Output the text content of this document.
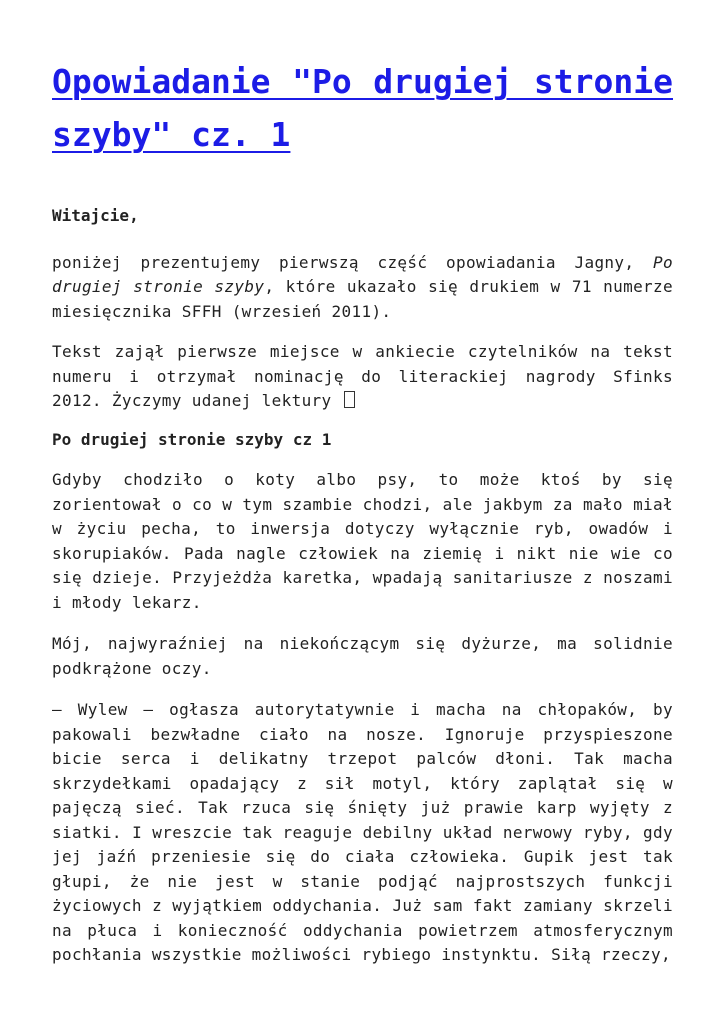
Opowiadanie "Po drugiej stronie szyby" cz. 1

Witajcie,

poniżej prezentujemy pierwszą część opowiadania Jagny, Po drugiej stronie szyby, które ukazało się drukiem w 71 numerze miesięcznika SFFH (wrzesień 2011).

Tekst zajął pierwsze miejsce w ankiecie czytelników na tekst numeru i otrzymał nominację do literackiej nagrody Sfinks 2012. Życzymy udanej lektury

Po drugiej stronie szyby cz 1

Gdyby chodziło o koty albo psy, to może ktoś by się zorientował o co w tym szambie chodzi, ale jakbym za mało miał w życiu pecha, to inwersja dotyczy wyłącznie ryb, owadów i skorupiaków. Pada nagle człowiek na ziemię i nikt nie wie co się dzieje. Przyjeżdża karetka, wpadają sanitariusze z noszami i młody lekarz.

Mój, najwyraźniej na niekończącym się dyżurze, ma solidnie podkrążone oczy.

– Wylew – ogłasza autorytatywnie i macha na chłopaków, by pakowali bezwładne ciało na nosze. Ignoruje przyspieszone bicie serca i delikatny trzepot palców dłoni. Tak macha skrzydełkami opadający z sił motyl, który zaplątał się w pajęczą sieć. Tak rzuca się śnięty już prawie karp wyjęty z siatki. I wreszcie tak reaguje debilny układ nerwowy ryby, gdy jej jaźń przeniesie się do ciała człowieka. Gupik jest tak głupi, że nie jest w stanie podjąć najprostszych funkcji życiowych z wyjątkiem oddychania. Już sam fakt zamiany skrzeli na płuca i konieczność oddychania powietrzem atmosferycznym pochłania wszystkie możliwości rybiego instynktu. Siłą rzeczy,
